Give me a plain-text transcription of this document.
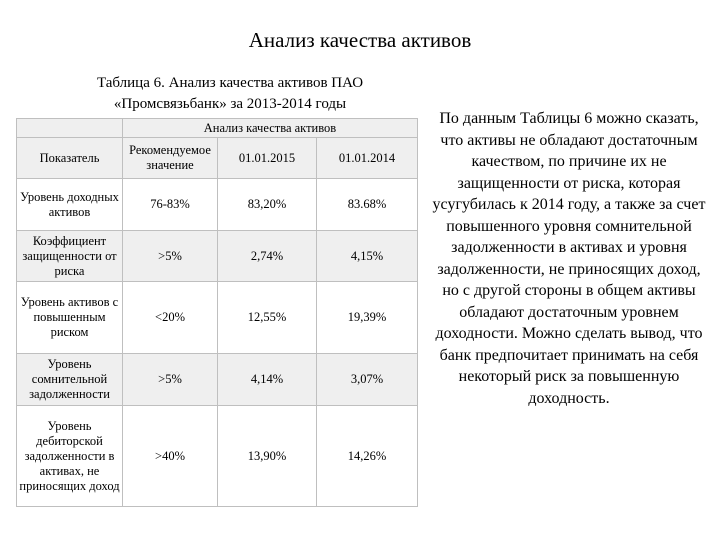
Анализ качества активов
Таблица 6. Анализ качества активов ПАО
«Промсвязьбанк» за 2013-2014 годы
	Анализ качества активов		
Показатель	Рекомендуемое значение	01.01.2015	01.01.2014
Уровень доходных активов	76-83%	83,20%	83.68%
Коэффициент защищенности от риска	>5%	2,74%	4,15%
Уровень активов с повышенным риском	<20%	12,55%	19,39%
Уровень сомнительной задолженности	>5%	4,14%	3,07%
Уровень дебиторской задолженности в активах, не приносящих доход	>40%	13,90%	14,26%
По данным Таблицы 6 можно сказать, что активы не обладают достаточным качеством, по причине их не защищенности от риска, которая усугубилась к 2014 году, а также за счет повышенного уровня сомнительной задолженности в активах и уровня задолженности, не приносящих доход, но с другой стороны в общем активы обладают достаточным уровнем доходности. Можно сделать вывод, что банк предпочитает принимать на себя некоторый риск за повышенную доходность.
